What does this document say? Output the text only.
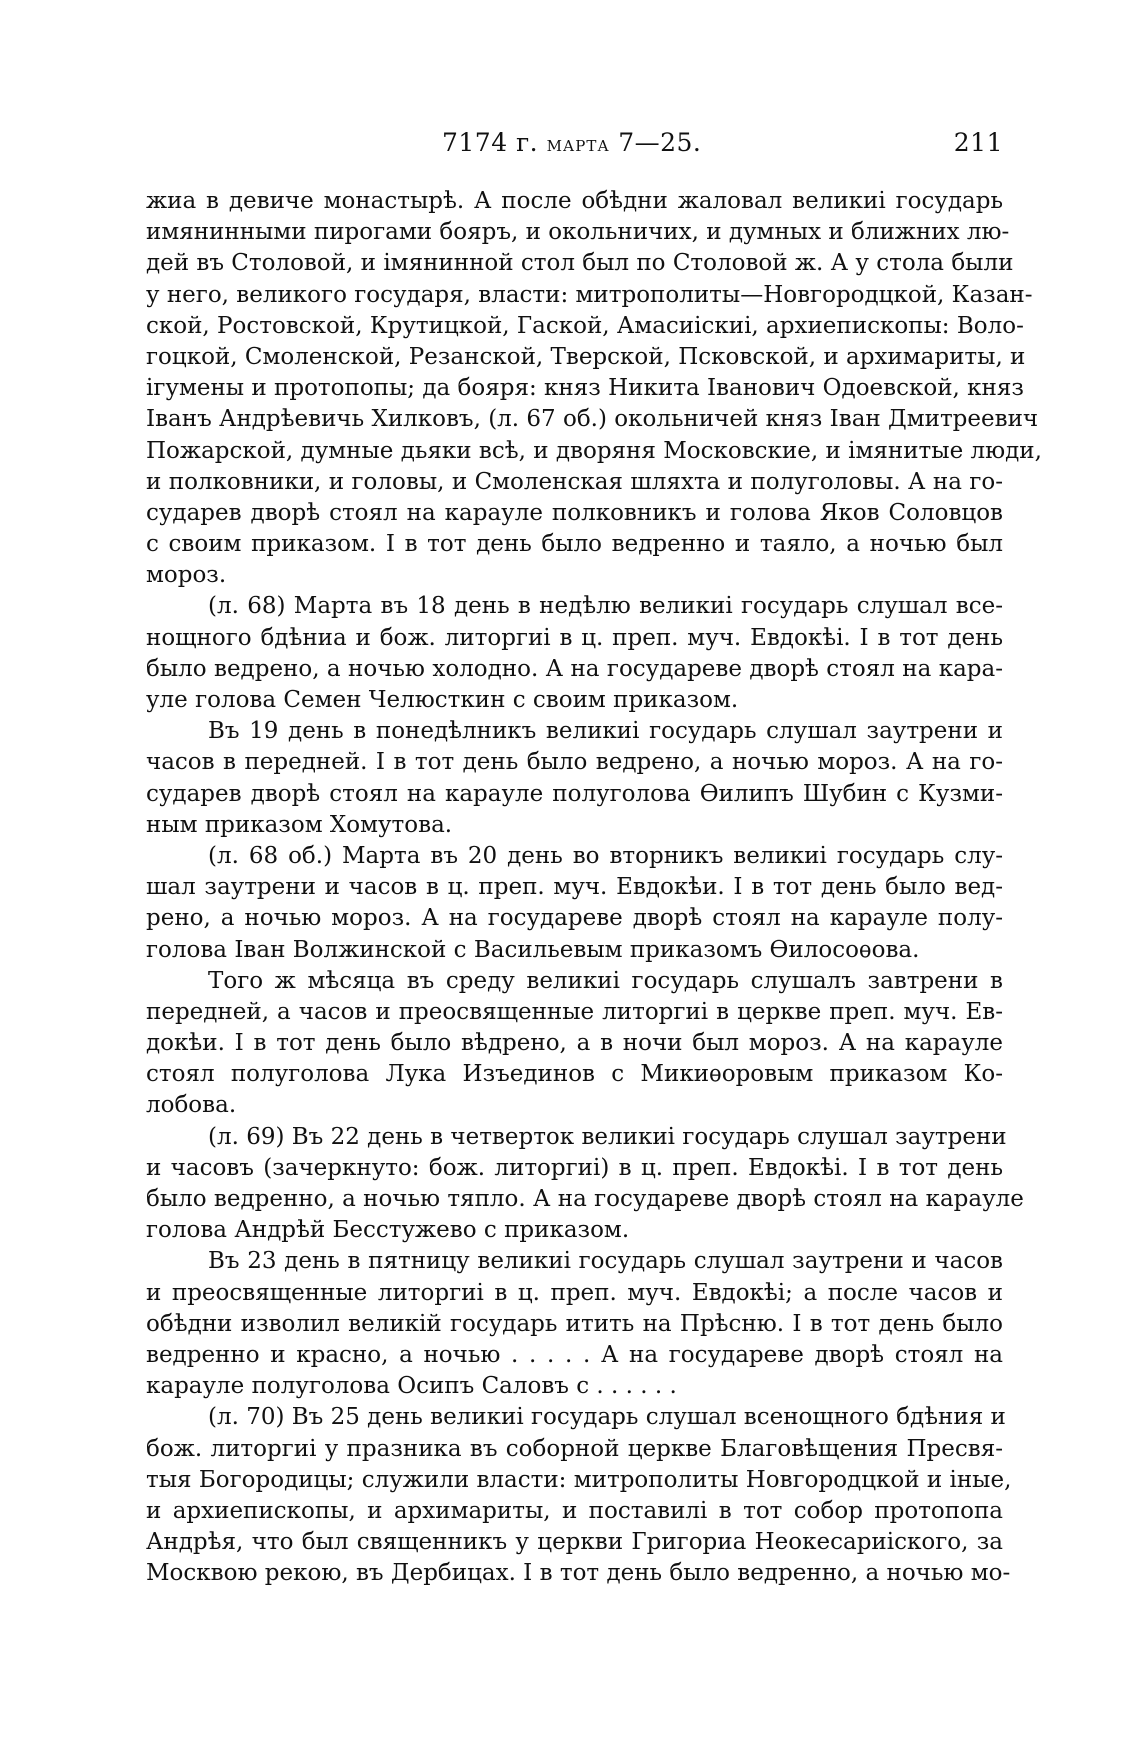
7174 г. марта 7—25.	211
жиа в девиче монастырѣ. А после обѣдни жаловал великиі государь
имянинными пирогами бояръ, и окольничих, и думных и ближних лю-
дей въ Столовой, и імянинной стол был по Столовой ж. А у стола были
у него, великого государя, власти: митрополиты—Новгородцкой, Казан-
ской, Ростовской, Крутицкой, Гаской, Амасиіскиі, архиепископы: Воло-
гоцкой, Смоленской, Резанской, Тверской, Псковской, и архимариты, и
ігумены и протопопы; да бояря: княз Никита Іванович Одоевской, княз
Іванъ Андрѣевичь Хилковъ, (л. 67 об.) окольничей княз Іван Дмитреевич
Пожарской, думные дьяки всѣ, и дворяня Московские, и імянитые люди,
и полковники, и головы, и Смоленская шляхта и полуголовы. А на го-
сударев дворѣ стоял на карауле полковникъ и голова Яков Соловцов
с своим приказом. І в тот день было ведренно и таяло, а ночью был
мороз.
(л. 68) Марта въ 18 день в недѣлю великиі государь слушал все-
нощного бдѣниа и бож. литоргиі в ц. преп. муч. Евдокѣі. І в тот день
было ведрено, а ночью холодно. А на государеве дворѣ стоял на кара-
уле голова Семен Челюсткин с своим приказом.
Въ 19 день в понедѣлникъ великиі государь слушал заутрени и
часов в передней. І в тот день было ведрено, а ночью мороз. А на го-
сударев дворѣ стоял на карауле полуголова Ѳилипъ Шубин с Кузми-
ным приказом Хомутова.
(л. 68 об.) Марта въ 20 день во вторникъ великиі государь слу-
шал заутрени и часов в ц. преп. муч. Евдокѣи. І в тот день было вед-
рено, а ночью мороз. А на государеве дворѣ стоял на карауле полу-
голова Іван Волжинской с Васильевым приказомъ Ѳилосоѳова.
Того ж мѣсяца въ среду великиі государь слушалъ завтрени в
передней, а часов и преосвященные литоргиі в церкве преп. муч. Ев-
докѣи. І в тот день было вѣдрено, а в ночи был мороз. А на карауле
стоял полуголова Лука Изъединов с Микиѳоровым приказом Ко-
лобова.
(л. 69) Въ 22 день в четверток великиі государь слушал заутрени
и часовъ (зачеркнуто: бож. литоргиі) в ц. преп. Евдокѣі. І в тот день
было ведренно, а ночью тяпло. А на государеве дворѣ стоял на карауле
голова Андрѣй Бесстужево с приказом.
Въ 23 день в пятницу великиі государь слушал заутрени и часов
и преосвященные литоргиі в ц. преп. муч. Евдокѣі; а после часов и
обѣдни изволил великій государь итить на Прѣсню. І в тот день было
ведренно и красно, а ночью . . . . . А на государеве дворѣ стоял на
карауле полуголова Осипъ Саловъ с . . . . . .
(л. 70) Въ 25 день великиі государь слушал всенощного бдѣния и
бож. литоргиі у празника въ соборной церкве Благовѣщения Пресвя-
тыя Богородицы; служили власти: митрополиты Новгородцкой и іные,
и архиепископы, и архимариты, и поставилі в тот собор протопопа
Андрѣя, что был священникъ у церкви Григориа Неокесариіского, за
Москвою рекою, въ Дербицах. І в тот день было ведренно, а ночью мо-
